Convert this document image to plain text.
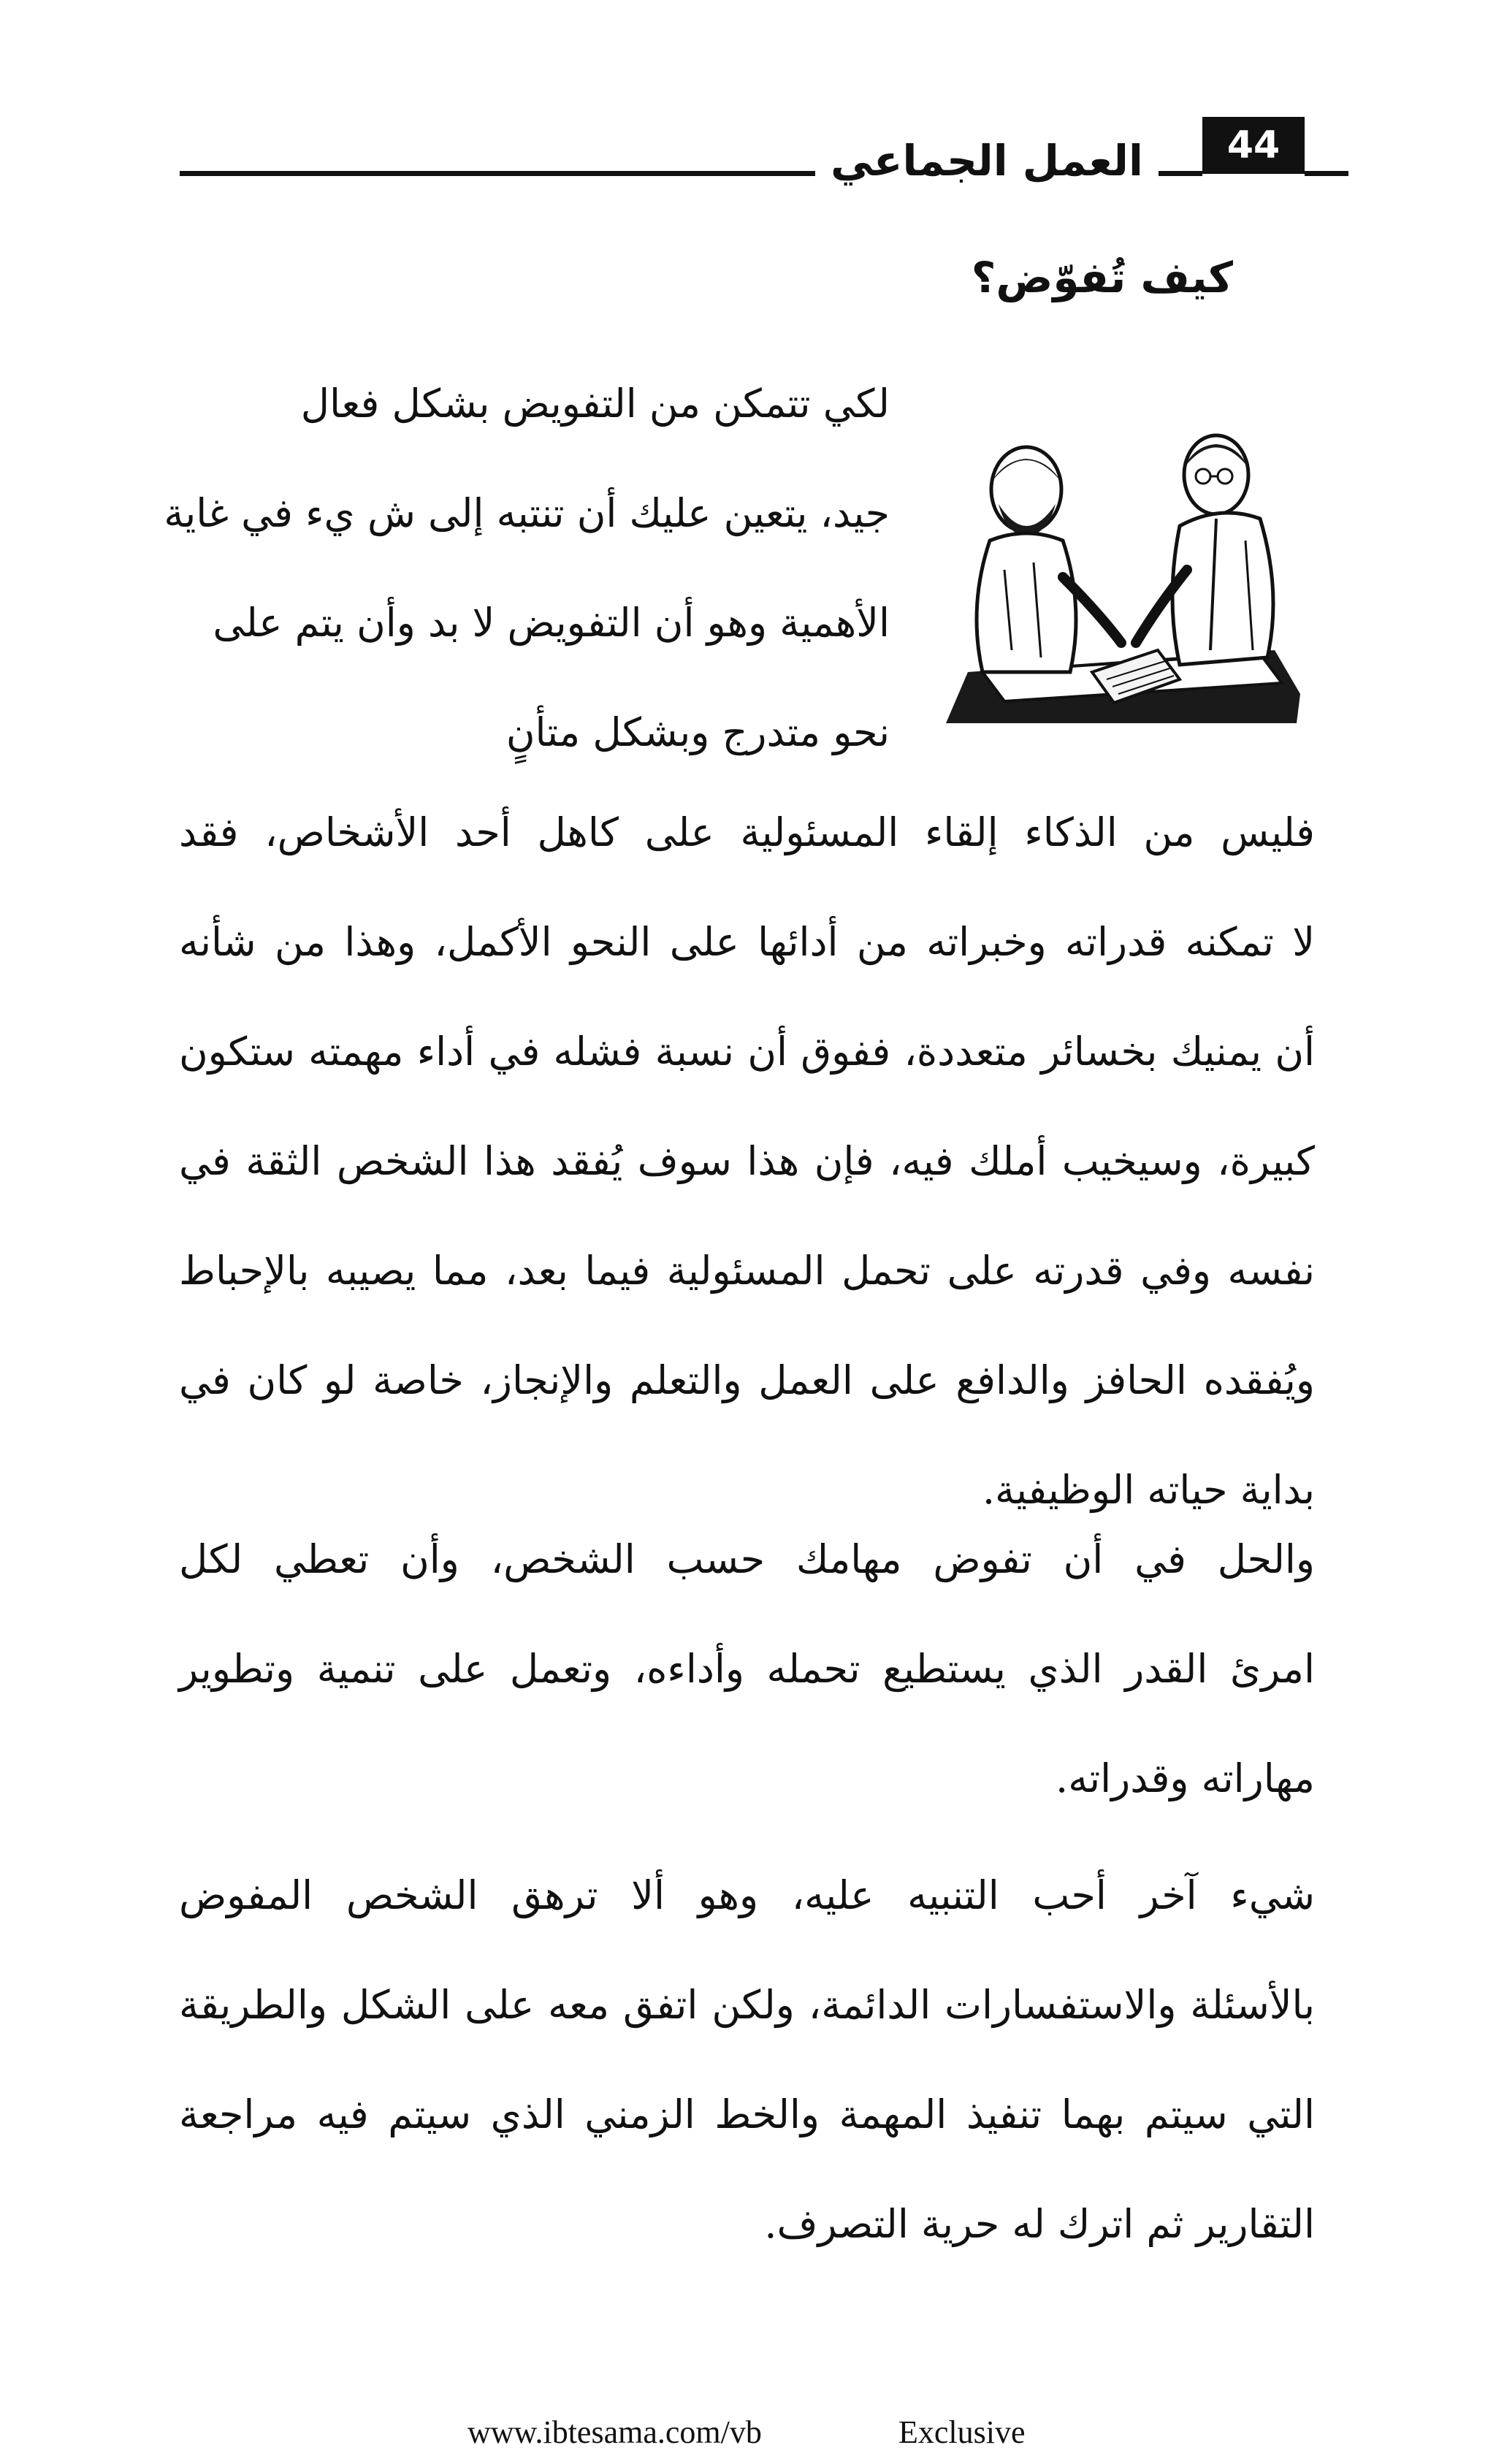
العمل الجماعي	44
كيف تُفوّض؟
لكي تتمكن من التفويض بشكل فعال
جيد، يتعين عليك أن تنتبه إلى ش يء في غاية
الأهمية وهو أن التفويض لا بد وأن يتم على
نحو متدرج وبشكل متأنٍ
فليس من الذكاء إلقاء المسئولية على كاهل أحد الأشخاص، فقد
لا تمكنه قدراته وخبراته من أدائها على النحو الأكمل، وهذا من شأنه
أن يمنيك بخسائر متعددة، ففوق أن نسبة فشله في أداء مهمته ستكون
كبيرة، وسيخيب أملك فيه، فإن هذا سوف يُفقد هذا الشخص الثقة في
نفسه وفي قدرته على تحمل المسئولية فيما بعد، مما يصيبه بالإحباط
ويُفقده الحافز والدافع على العمل والتعلم والإنجاز، خاصة لو كان في
بداية حياته الوظيفية.
والحل في أن تفوض مهامك حسب الشخص، وأن تعطي لكل
امرئ القدر الذي يستطيع تحمله وأداءه، وتعمل على تنمية وتطوير
مهاراته وقدراته.
شيء آخر أحب التنبيه عليه، وهو ألا ترهق الشخص المفوض
بالأسئلة والاستفسارات الدائمة، ولكن اتفق معه على الشكل والطريقة
التي سيتم بهما تنفيذ المهمة والخط الزمني الذي سيتم فيه مراجعة
التقارير ثم اترك له حرية التصرف.
www.ibtesama.com/vb	Exclusive
